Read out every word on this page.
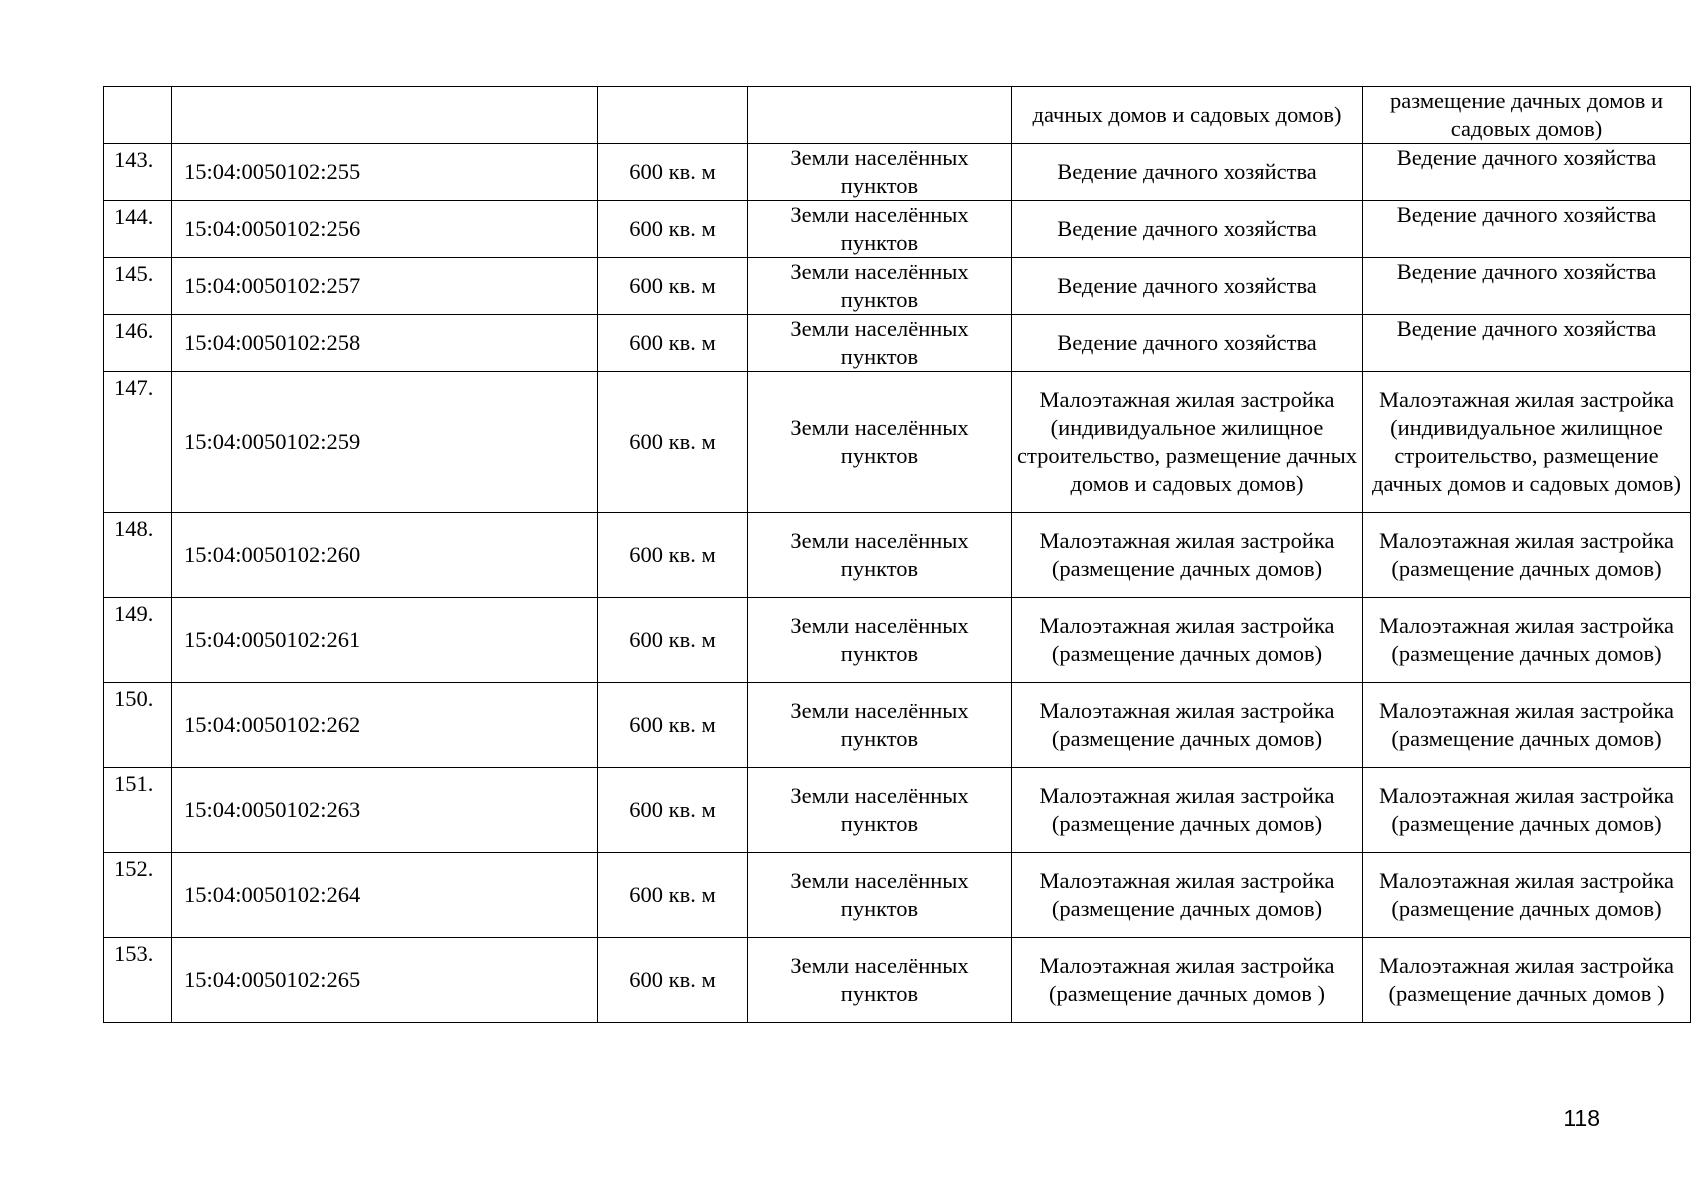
				дачных домов и садовых домов)	размещение дачных домов и садовых домов)
143.	15:04:0050102:255	600 кв. м	Земли населённых пунктов	Ведение дачного хозяйства	Ведение дачного хозяйства
144.	15:04:0050102:256	600 кв. м	Земли населённых пунктов	Ведение дачного хозяйства	Ведение дачного хозяйства
145.	15:04:0050102:257	600 кв. м	Земли населённых пунктов	Ведение дачного хозяйства	Ведение дачного хозяйства
146.	15:04:0050102:258	600 кв. м	Земли населённых пунктов	Ведение дачного хозяйства	Ведение дачного хозяйства
147.	15:04:0050102:259	600 кв. м	Земли населённых пунктов	Малоэтажная жилая застройка (индивидуальное жилищное строительство, размещение дачных домов и садовых домов)	Малоэтажная жилая застройка (индивидуальное жилищное строительство, размещение дачных домов и садовых домов)
148.	15:04:0050102:260	600 кв. м	Земли населённых пунктов	Малоэтажная жилая застройка (размещение дачных домов)	Малоэтажная жилая застройка (размещение дачных домов)
149.	15:04:0050102:261	600 кв. м	Земли населённых пунктов	Малоэтажная жилая застройка (размещение дачных домов)	Малоэтажная жилая застройка (размещение дачных домов)
150.	15:04:0050102:262	600 кв. м	Земли населённых пунктов	Малоэтажная жилая застройка (размещение дачных домов)	Малоэтажная жилая застройка (размещение дачных домов)
151.	15:04:0050102:263	600 кв. м	Земли населённых пунктов	Малоэтажная жилая застройка (размещение дачных домов)	Малоэтажная жилая застройка (размещение дачных домов)
152.	15:04:0050102:264	600 кв. м	Земли населённых пунктов	Малоэтажная жилая застройка (размещение дачных домов)	Малоэтажная жилая застройка (размещение дачных домов)
153.	15:04:0050102:265	600 кв. м	Земли населённых пунктов	Малоэтажная жилая застройка (размещение дачных домов )	Малоэтажная жилая застройка (размещение дачных домов )
118
